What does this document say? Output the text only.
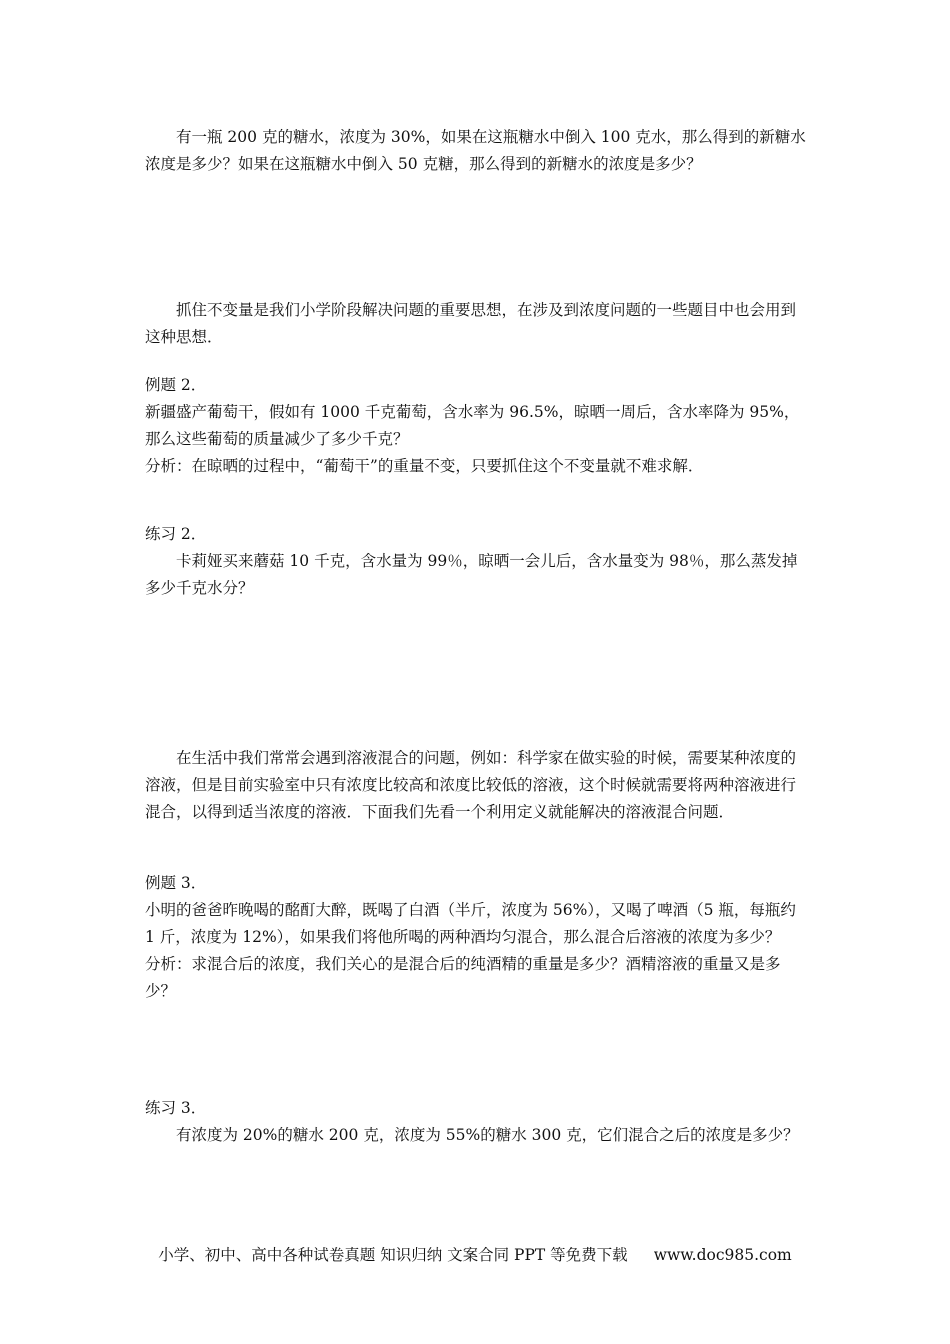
有一瓶 200 克的糖水，浓度为 30%，如果在这瓶糖水中倒入 100 克水，那么得到的新糖水浓度是多少？如果在这瓶糖水中倒入 50 克糖，那么得到的新糖水的浓度是多少？
抓住不变量是我们小学阶段解决问题的重要思想，在涉及到浓度问题的一些题目中也会用到这种思想．
例题 2．
新疆盛产葡萄干，假如有 1000 千克葡萄，含水率为 96.5%，晾晒一周后，含水率降为 95%，那么这些葡萄的质量减少了多少千克？
分析：在晾晒的过程中，“葡萄干”的重量不变，只要抓住这个不变量就不难求解．
练习 2．
卡莉娅买来蘑菇 10 千克，含水量为 99％，晾晒一会儿后，含水量变为 98％，那么蒸发掉多少千克水分？
在生活中我们常常会遇到溶液混合的问题，例如：科学家在做实验的时候，需要某种浓度的溶液，但是目前实验室中只有浓度比较高和浓度比较低的溶液，这个时候就需要将两种溶液进行混合，以得到适当浓度的溶液．下面我们先看一个利用定义就能解决的溶液混合问题．
例题 3．
小明的爸爸昨晚喝的酩酊大醉，既喝了白酒（半斤，浓度为 56%），又喝了啤酒（5 瓶，每瓶约 1 斤，浓度为 12%），如果我们将他所喝的两种酒均匀混合，那么混合后溶液的浓度为多少？
分析：求混合后的浓度，我们关心的是混合后的纯酒精的重量是多少？酒精溶液的重量又是多少？
练习 3．
有浓度为 20%的糖水 200 克，浓度为 55%的糖水 300 克，它们混合之后的浓度是多少？
小学、初中、高中各种试卷真题 知识归纳 文案合同 PPT 等免费下载 www.doc985.com
